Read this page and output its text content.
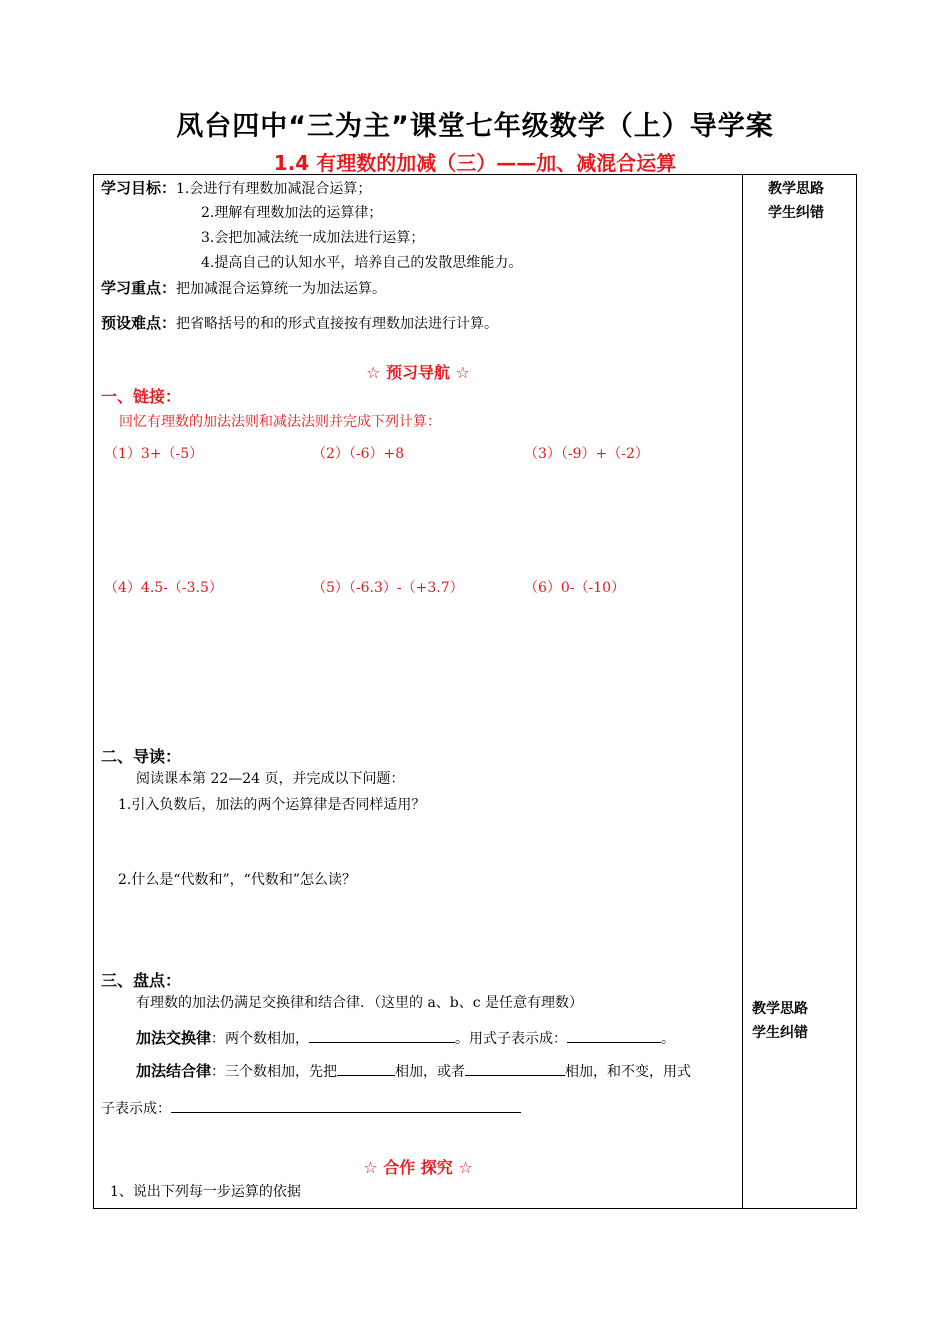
凤台四中“三为主”课堂七年级数学（上）导学案
1.4 有理数的加减（三）——加、减混合运算
教学思路
学生纠错
教学思路
学生纠错
学习目标：1.会进行有理数加减混合运算；
2.理解有理数加法的运算律；
3.会把加减法统一成加法进行运算；
4.提高自己的认知水平，培养自己的发散思维能力。
学习重点：把加减混合运算统一为加法运算。
预设难点：把省略括号的和的形式直接按有理数加法进行计算。
☆ 预习导航 ☆
一、链接：
回忆有理数的加法法则和减法法则并完成下列计算：
（1）3+（-5）	（2）（-6）+8	（3）（-9）+（-2）
（4）4.5-（-3.5）	（5）（-6.3）-（+3.7）	（6）0-（-10）
二、导读：
阅读课本第 22—24 页，并完成以下问题：
1.引入负数后，加法的两个运算律是否同样适用？
2.什么是“代数和”，“代数和”怎么读？
三、盘点：
有理数的加法仍满足交换律和结合律．（这里的 a、b、c 是任意有理数）
加法交换律：两个数相加，	。用式子表示成：	。
加法结合律：三个数相加，先把	相加，或者	相加，和不变，用式
子表示成：
☆ 合作 探究 ☆
1、说出下列每一步运算的依据
